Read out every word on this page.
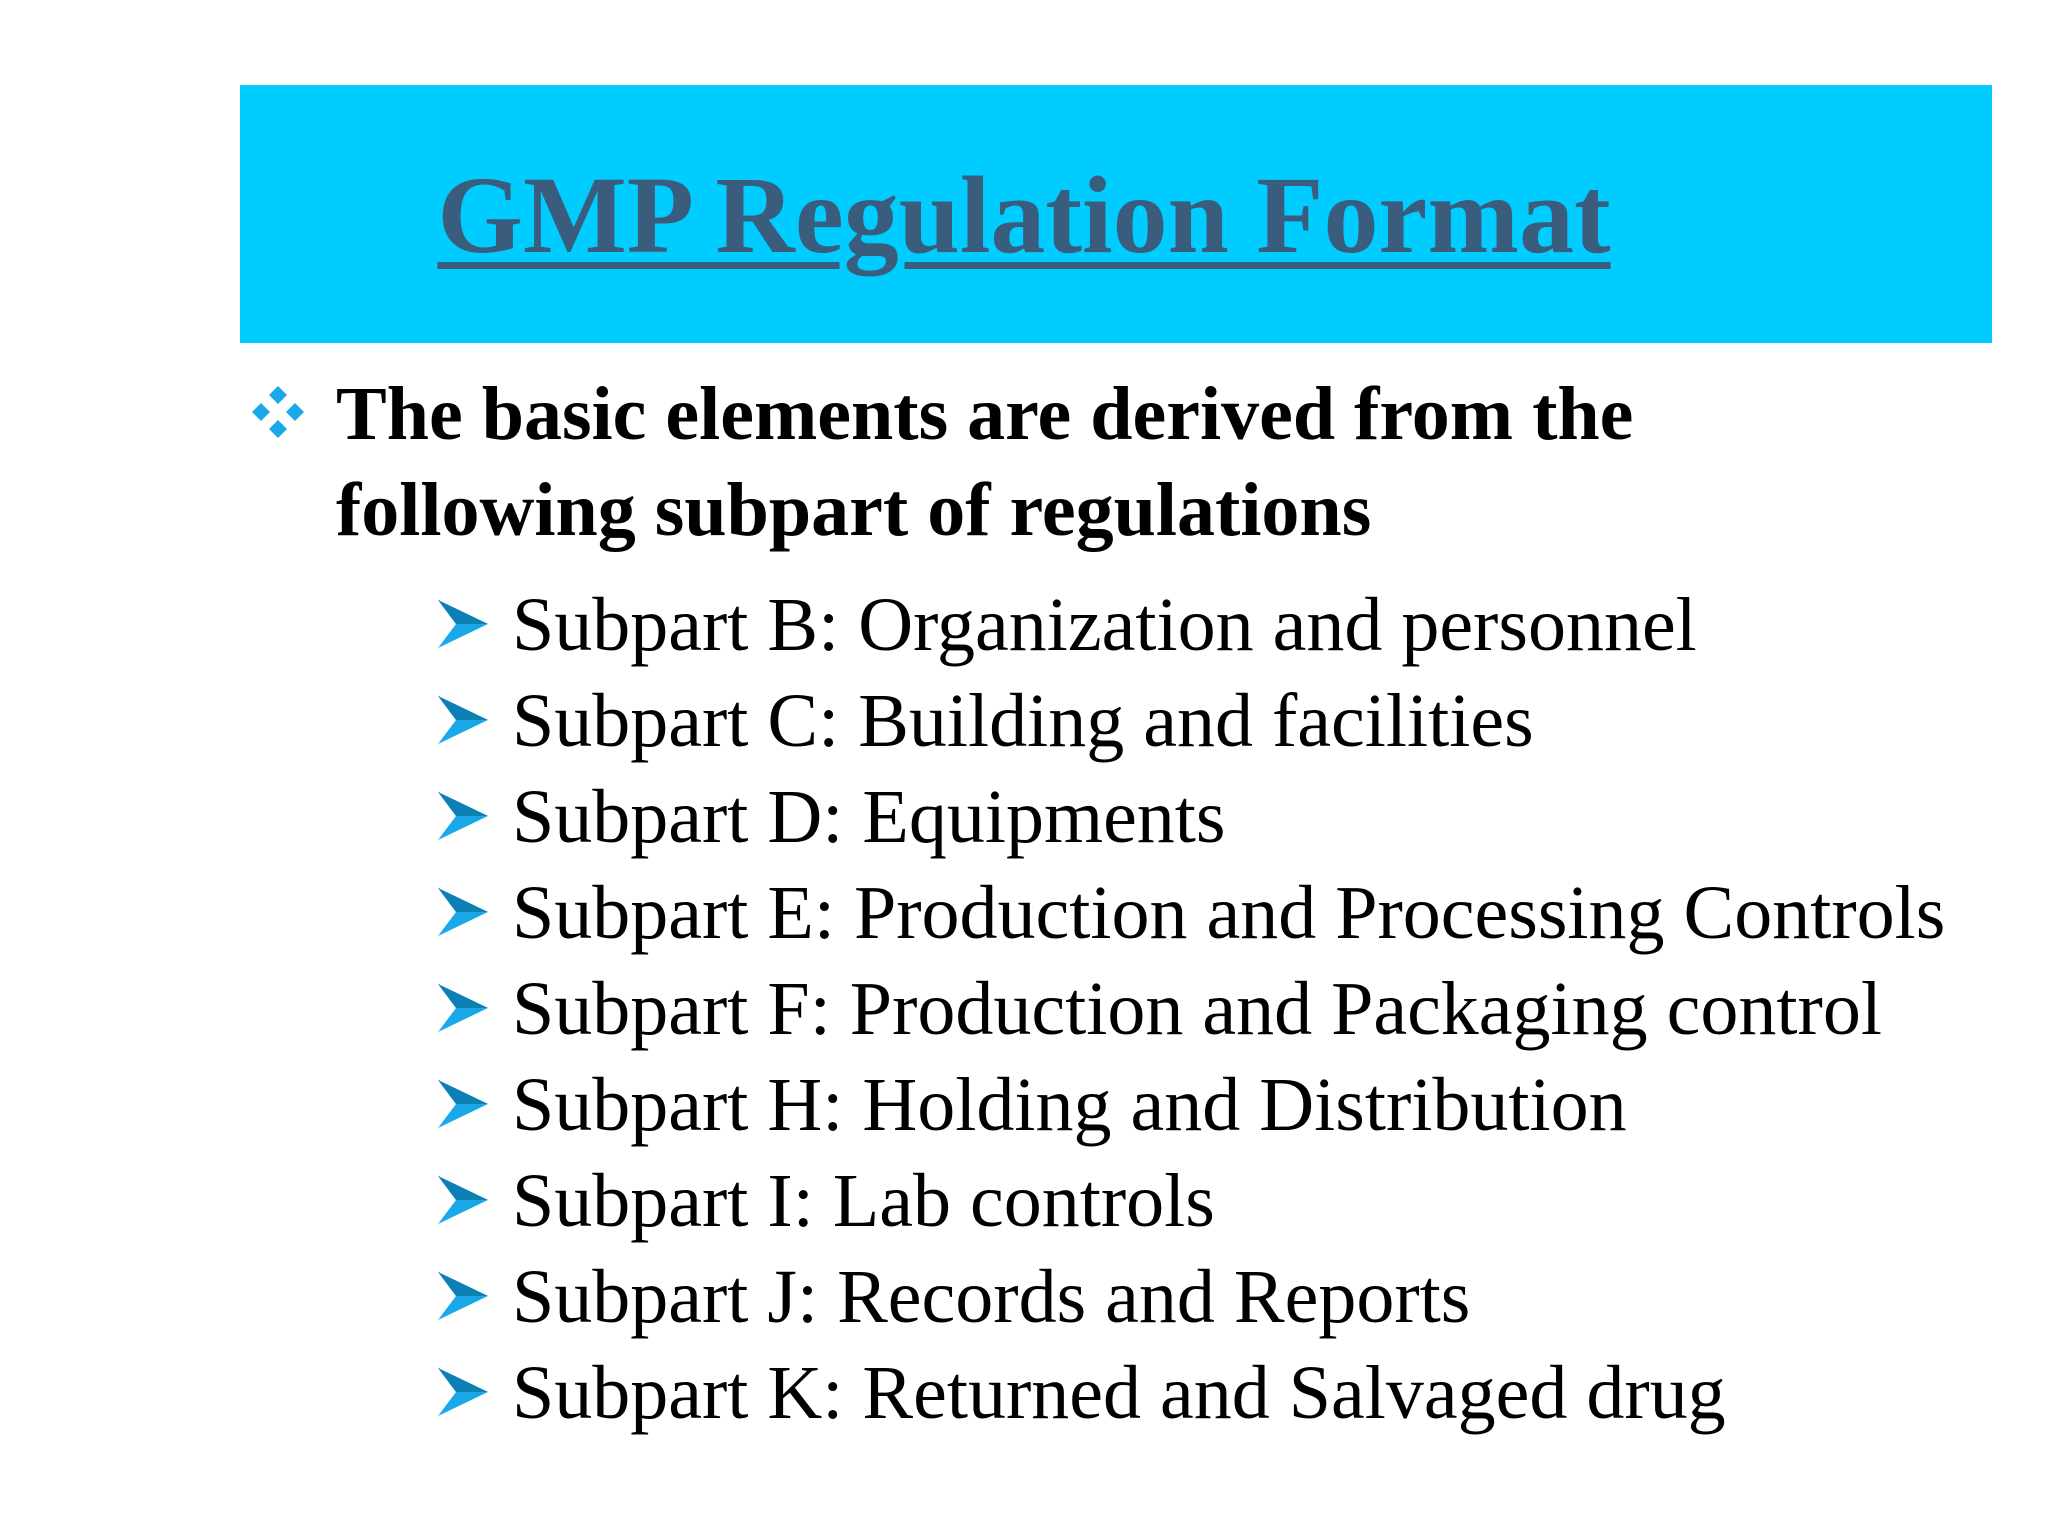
GMP Regulation Format
The basic elements are derived from the following subpart of regulations
Subpart B: Organization and personnel
Subpart C: Building and facilities
Subpart D: Equipments
Subpart E: Production and Processing Controls
Subpart F: Production and Packaging control
Subpart H: Holding and Distribution
Subpart I: Lab controls
Subpart J: Records and Reports
Subpart K: Returned and Salvaged drug
